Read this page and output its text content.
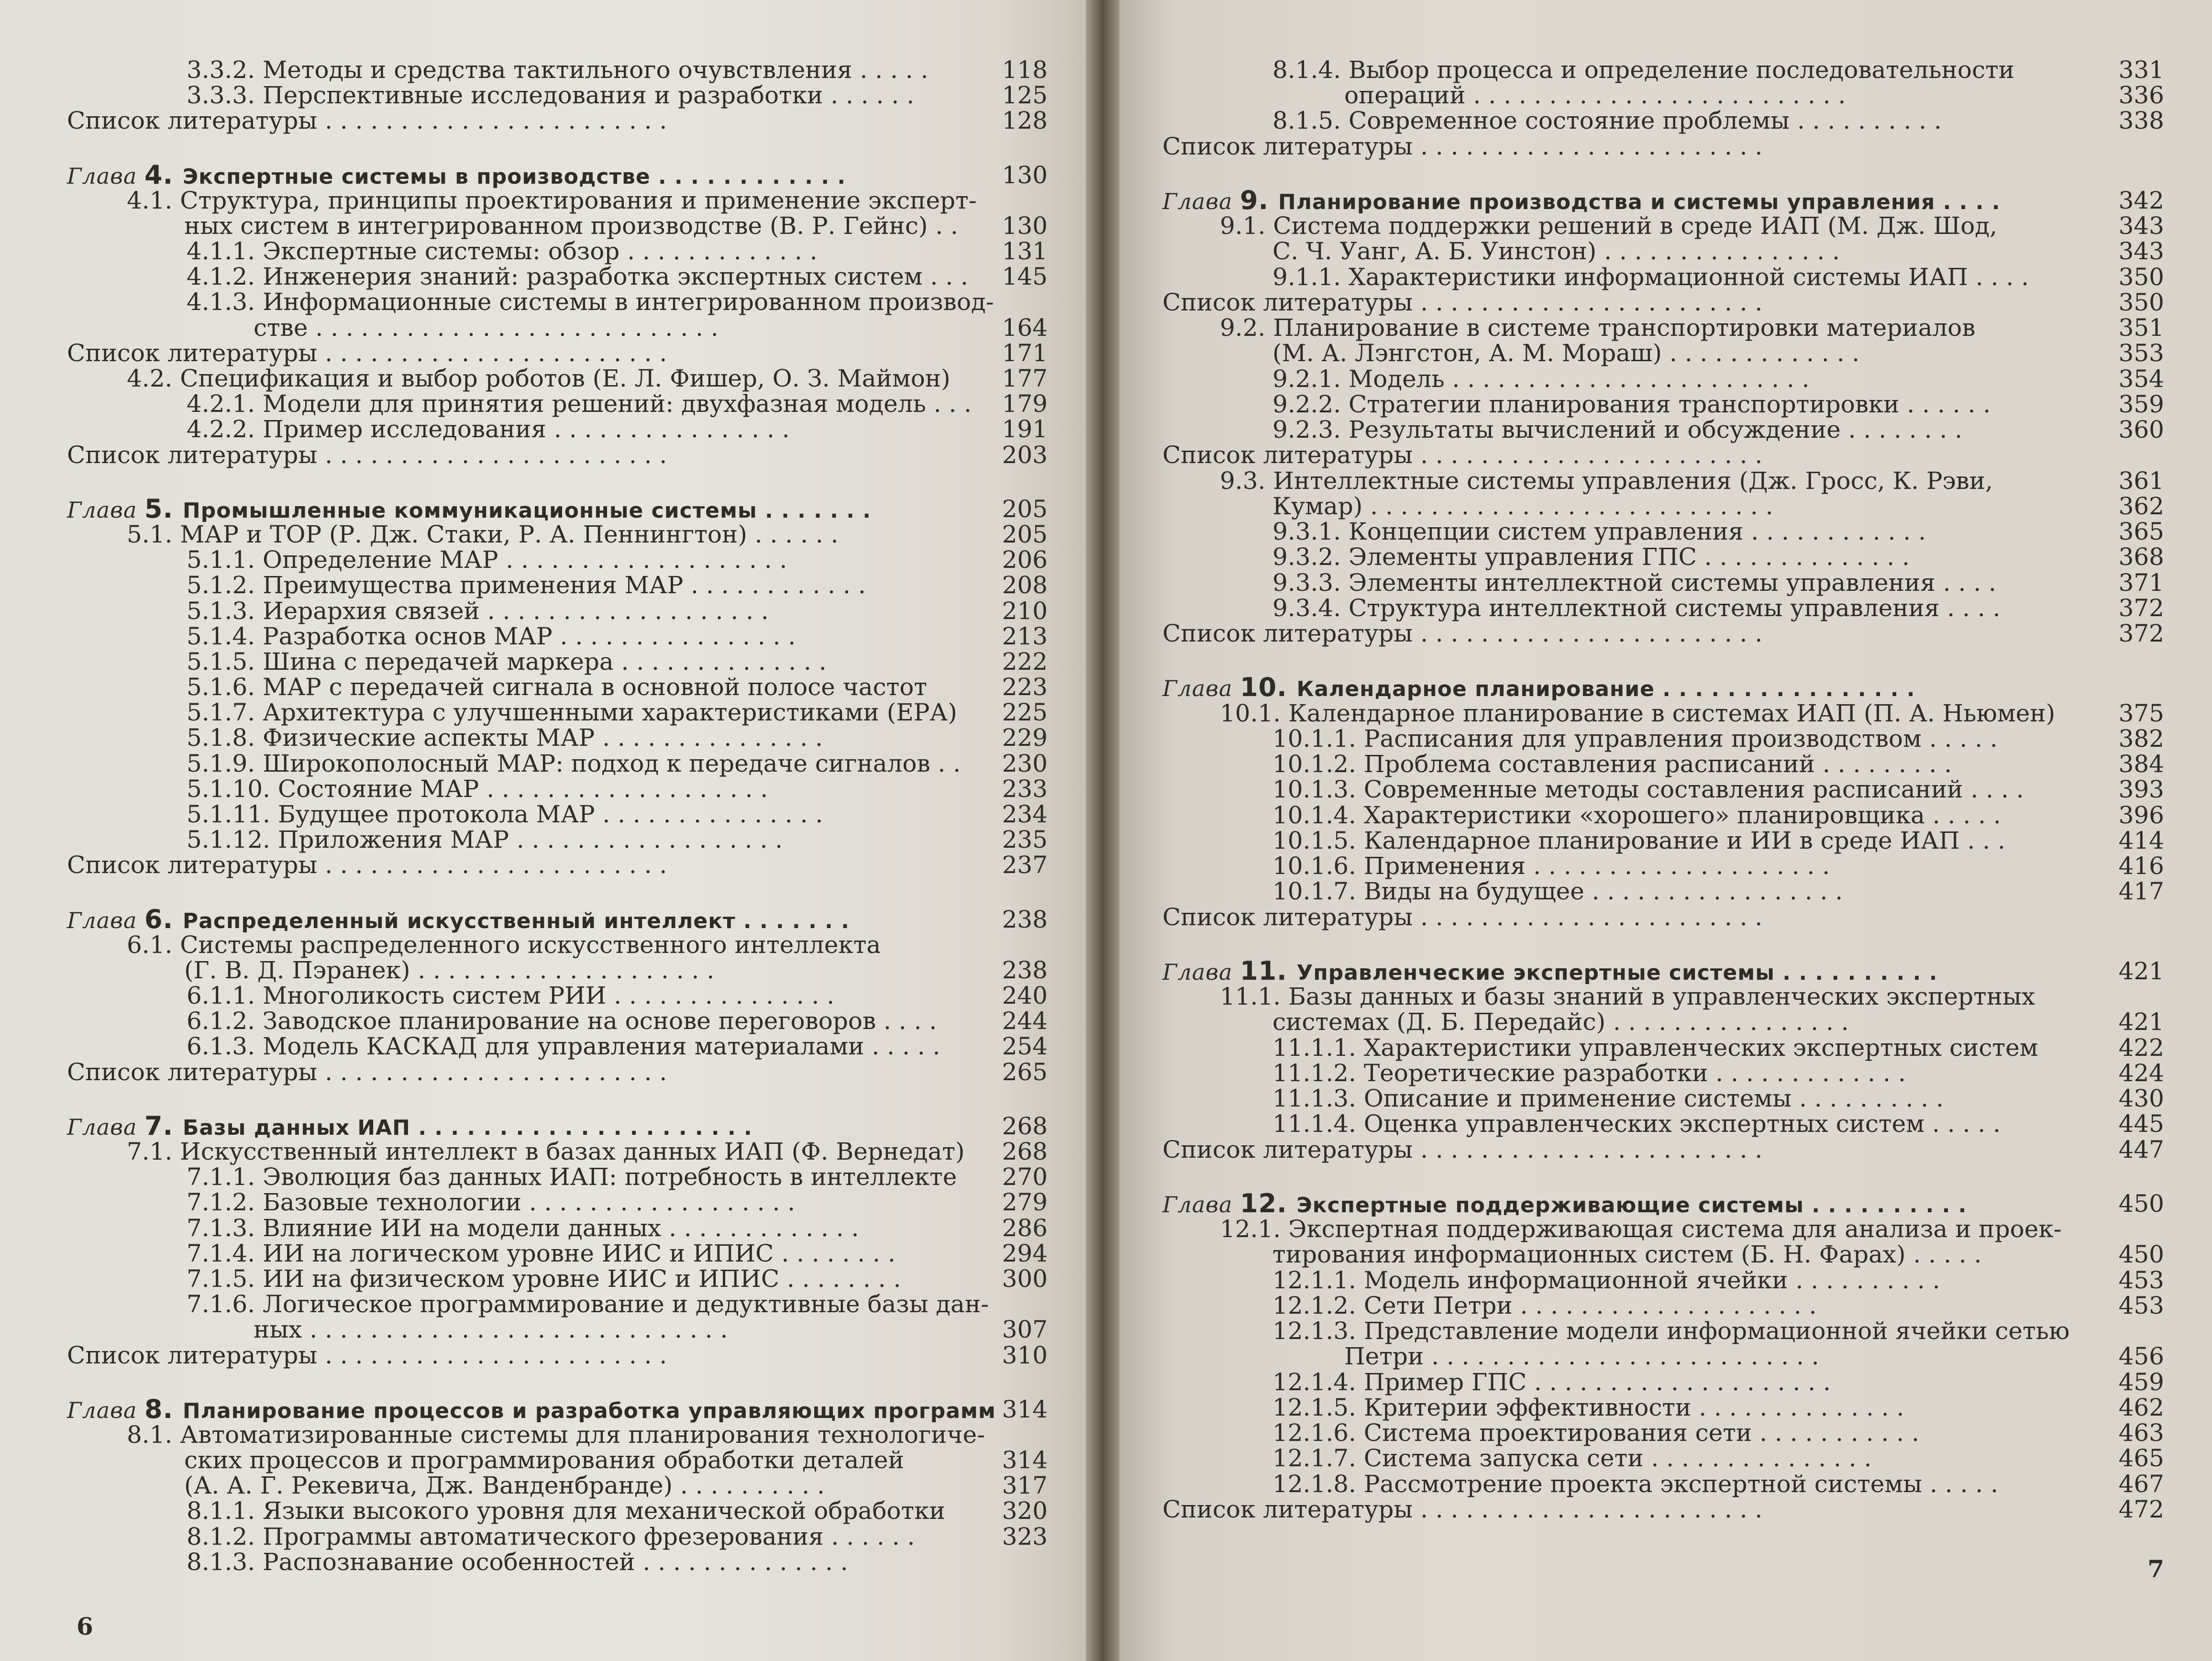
3.3.2. Методы и средства тактильного очувствления . . . . .	118
3.3.3. Перспективные исследования и разработки . . . . . .	125
Список литературы . . . . . . . . . . . . . . . . . . . . . . .	128
Глава 4. Экспертные системы в производстве . . . . . . . . . . . .	130
4.1. Структура, принципы проектирования и применение эксперт-
ных систем в интегрированном производстве (В. Р. Гейнс) . .	130
4.1.1. Экспертные системы: обзор . . . . . . . . . . . . .	131
4.1.2. Инженерия знаний: разработка экспертных систем . . .	145
4.1.3. Информационные системы в интегрированном производ-
стве . . . . . . . . . . . . . . . . . . . . . . . . . . .	164
Список литературы . . . . . . . . . . . . . . . . . . . . . . .	171
4.2. Спецификация и выбор роботов (Е. Л. Фишер, О. З. Маймон)	177
4.2.1. Модели для принятия решений: двухфазная модель . . .	179
4.2.2. Пример исследования . . . . . . . . . . . . . . . .	191
Список литературы . . . . . . . . . . . . . . . . . . . . . . .	203
Глава 5. Промышленные коммуникационные системы . . . . . . .	205
5.1. МАР и ТОР (Р. Дж. Стаки, Р. А. Пеннингтон) . . . . . .	205
5.1.1. Определение МАР . . . . . . . . . . . . . . . . . . .	206
5.1.2. Преимущества применения МАР . . . . . . . . . . . .	208
5.1.3. Иерархия связей . . . . . . . . . . . . . . . . . . .	210
5.1.4. Разработка основ МАР . . . . . . . . . . . . . . . .	213
5.1.5. Шина с передачей маркера . . . . . . . . . . . . . .	222
5.1.6. МАР с передачей сигнала в основной полосе частот	223
5.1.7. Архитектура с улучшенными характеристиками (ЕРА)	225
5.1.8. Физические аспекты МАР . . . . . . . . . . . . . . .	229
5.1.9. Широкополосный МАР: подход к передаче сигналов . .	230
5.1.10. Состояние МАР . . . . . . . . . . . . . . . . . . .	233
5.1.11. Будущее протокола МАР . . . . . . . . . . . . . . .	234
5.1.12. Приложения МАР . . . . . . . . . . . . . . . . . .	235
Список литературы . . . . . . . . . . . . . . . . . . . . . . .	237
Глава 6. Распределенный искусственный интеллект . . . . . . .	238
6.1. Системы распределенного искусственного интеллекта
(Г. В. Д. Пэранек) . . . . . . . . . . . . . . . . . . . .	238
6.1.1. Многоликость систем РИИ . . . . . . . . . . . . . . .	240
6.1.2. Заводское планирование на основе переговоров . . . .	244
6.1.3. Модель КАСКАД для управления материалами . . . . .	254
Список литературы . . . . . . . . . . . . . . . . . . . . . . .	265
Глава 7. Базы данных ИАП . . . . . . . . . . . . . . . . . . . . .	268
7.1. Искусственный интеллект в базах данных ИАП (Ф. Вернедат)	268
7.1.1. Эволюция баз данных ИАП: потребность в интеллекте	270
7.1.2. Базовые технологии . . . . . . . . . . . . . . . . . .	279
7.1.3. Влияние ИИ на модели данных . . . . . . . . . . . . .	286
7.1.4. ИИ на логическом уровне ИИС и ИПИС . . . . . . . .	294
7.1.5. ИИ на физическом уровне ИИС и ИПИС . . . . . . . .	300
7.1.6. Логическое программирование и дедуктивные базы дан-
ных . . . . . . . . . . . . . . . . . . . . . . . . . . . .	307
Список литературы . . . . . . . . . . . . . . . . . . . . . . .	310
Глава 8. Планирование процессов и разработка управляющих программ 314
8.1. Автоматизированные системы для планирования технологиче-
ских процессов и программирования обработки деталей	314
(А. А. Г. Рекевича, Дж. Ванденбранде) . . . . . . . . . .	317
8.1.1. Языки высокого уровня для механической обработки	320
8.1.2. Программы автоматического фрезерования . . . . . .	323
8.1.3. Распознавание особенностей . . . . . . . . . . . . . .
6
8.1.4. Выбор процесса и определение последовательности	331
операций . . . . . . . . . . . . . . . . . . . . . . . . .	336
8.1.5. Современное состояние проблемы . . . . . . . . . .	338
Список литературы . . . . . . . . . . . . . . . . . . . . . . .
Глава 9. Планирование производства и системы управления . . . .	342
9.1. Система поддержки решений в среде ИАП (М. Дж. Шод,	343
С. Ч. Уанг, А. Б. Уинстон) . . . . . . . . . . . . . . . .	343
9.1.1. Характеристики информационной системы ИАП . . . .	350
Список литературы . . . . . . . . . . . . . . . . . . . . . . .	350
9.2. Планирование в системе транспортировки материалов	351
(М. А. Лэнгстон, А. М. Мораш) . . . . . . . . . . . . .	353
9.2.1. Модель . . . . . . . . . . . . . . . . . . . . . . . .	354
9.2.2. Стратегии планирования транспортировки . . . . . .	359
9.2.3. Результаты вычислений и обсуждение . . . . . . . .	360
Список литературы . . . . . . . . . . . . . . . . . . . . . . .
9.3. Интеллектные системы управления (Дж. Гросс, К. Рэви,	361
Кумар) . . . . . . . . . . . . . . . . . . . . . . . . . . .	362
9.3.1. Концепции систем управления . . . . . . . . . . . .	365
9.3.2. Элементы управления ГПС . . . . . . . . . . . . . .	368
9.3.3. Элементы интеллектной системы управления . . . .	371
9.3.4. Структура интеллектной системы управления . . . .	372
Список литературы . . . . . . . . . . . . . . . . . . . . . . .	372
Глава 10. Календарное планирование . . . . . . . . . . . . . . . .
10.1. Календарное планирование в системах ИАП (П. А. Ньюмен)	375
10.1.1. Расписания для управления производством . . . . .	382
10.1.2. Проблема составления расписаний . . . . . . . . .	384
10.1.3. Современные методы составления расписаний . . . .	393
10.1.4. Характеристики «хорошего» планировщика . . . . .	396
10.1.5. Календарное планирование и ИИ в среде ИАП . . .	414
10.1.6. Применения . . . . . . . . . . . . . . . . . . . .	416
10.1.7. Виды на будущее . . . . . . . . . . . . . . . . .	417
Список литературы . . . . . . . . . . . . . . . . . . . . . . .
Глава 11. Управленческие экспертные системы . . . . . . . . . .	421
11.1. Базы данных и базы знаний в управленческих экспертных
системах (Д. Б. Передайс) . . . . . . . . . . . . . . . .	421
11.1.1. Характеристики управленческих экспертных систем	422
11.1.2. Теоретические разработки . . . . . . . . . . . . .	424
11.1.3. Описание и применение системы . . . . . . . . . .	430
11.1.4. Оценка управленческих экспертных систем . . . . .	445
Список литературы . . . . . . . . . . . . . . . . . . . . . . .	447
Глава 12. Экспертные поддерживающие системы . . . . . . . . . .	450
12.1. Экспертная поддерживающая система для анализа и проек-
тирования информационных систем (Б. Н. Фарах) . . . . .	450
12.1.1. Модель информационной ячейки . . . . . . . . . .	453
12.1.2. Сети Петри . . . . . . . . . . . . . . . . . . . .	453
12.1.3. Представление модели информационной ячейки сетью
Петри . . . . . . . . . . . . . . . . . . . . . . . . . .	456
12.1.4. Пример ГПС . . . . . . . . . . . . . . . . . . . .	459
12.1.5. Критерии эффективности . . . . . . . . . . . . . .	462
12.1.6. Система проектирования сети . . . . . . . . . . .	463
12.1.7. Система запуска сети . . . . . . . . . . . . . . .	465
12.1.8. Рассмотрение проекта экспертной системы . . . . .	467
Список литературы . . . . . . . . . . . . . . . . . . . . . . .	472
7
